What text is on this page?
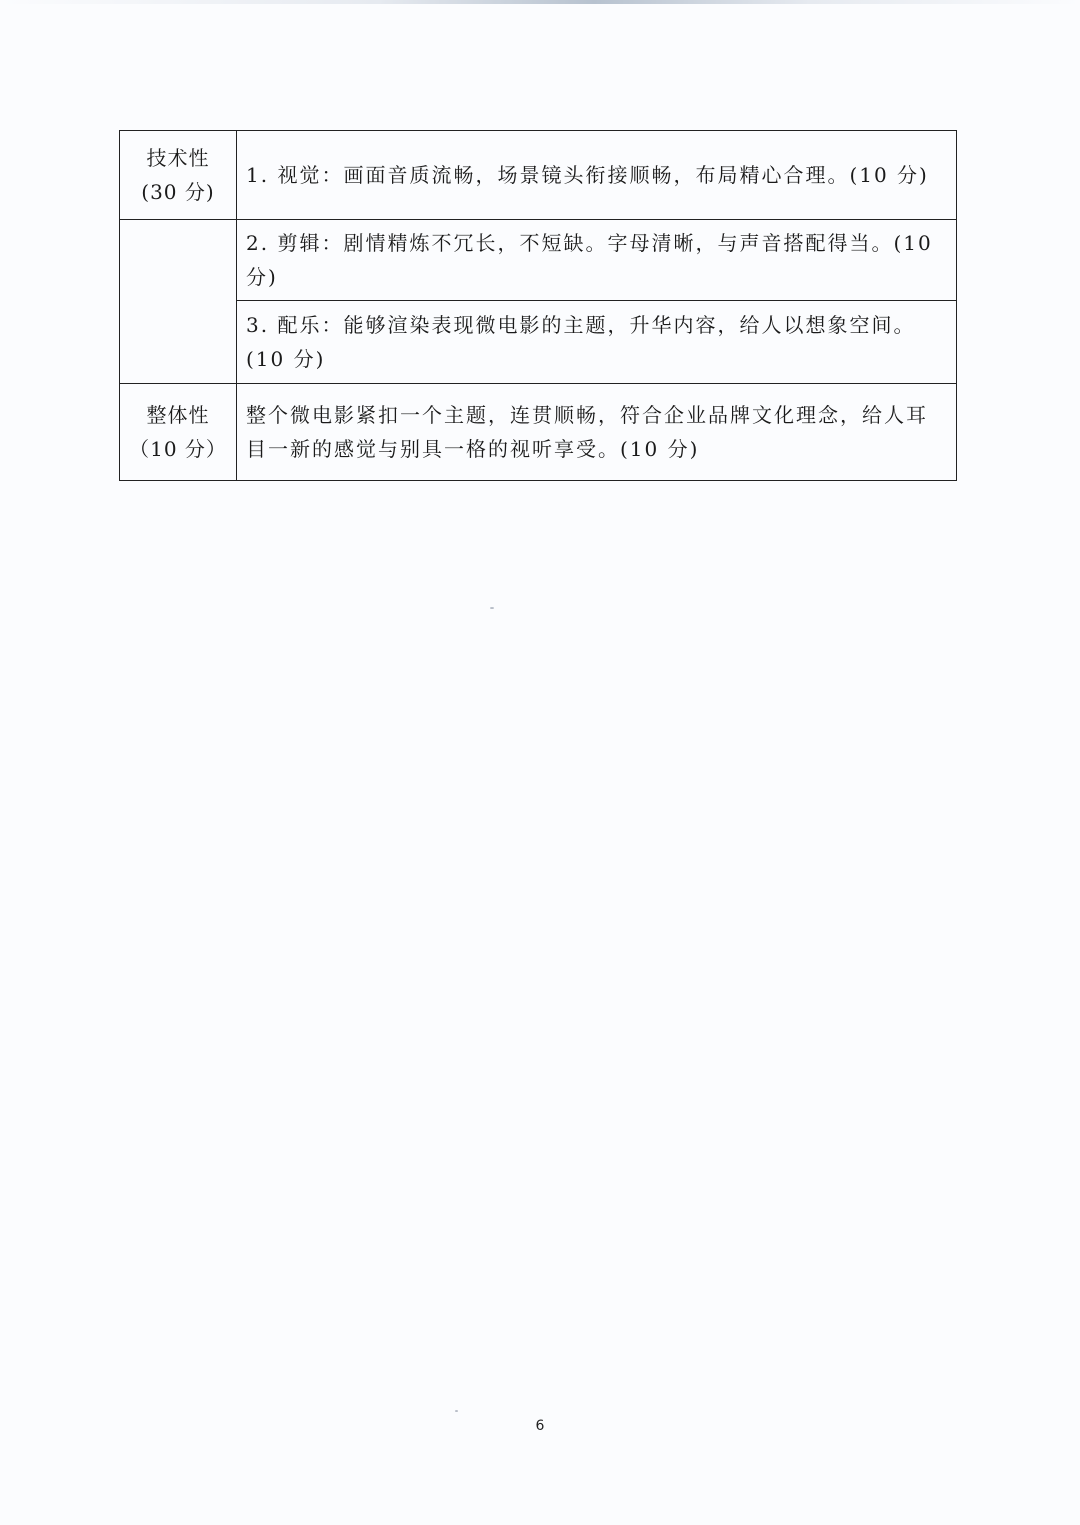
技术性
(30 分)	1. 视觉：画面音质流畅，场景镜头衔接顺畅，布局精心合理。(10 分)

	2. 剪辑：剧情精炼不冗长，不短缺。字母清晰，与声音搭配得当。(10 分)
	3. 配乐：能够渲染表现微电影的主题，升华内容，给人以想象空间。(10 分)

整体性
（10 分）	整个微电影紧扣一个主题，连贯顺畅，符合企业品牌文化理念，给人耳目一新的感觉与别具一格的视听享受。(10 分)
6
